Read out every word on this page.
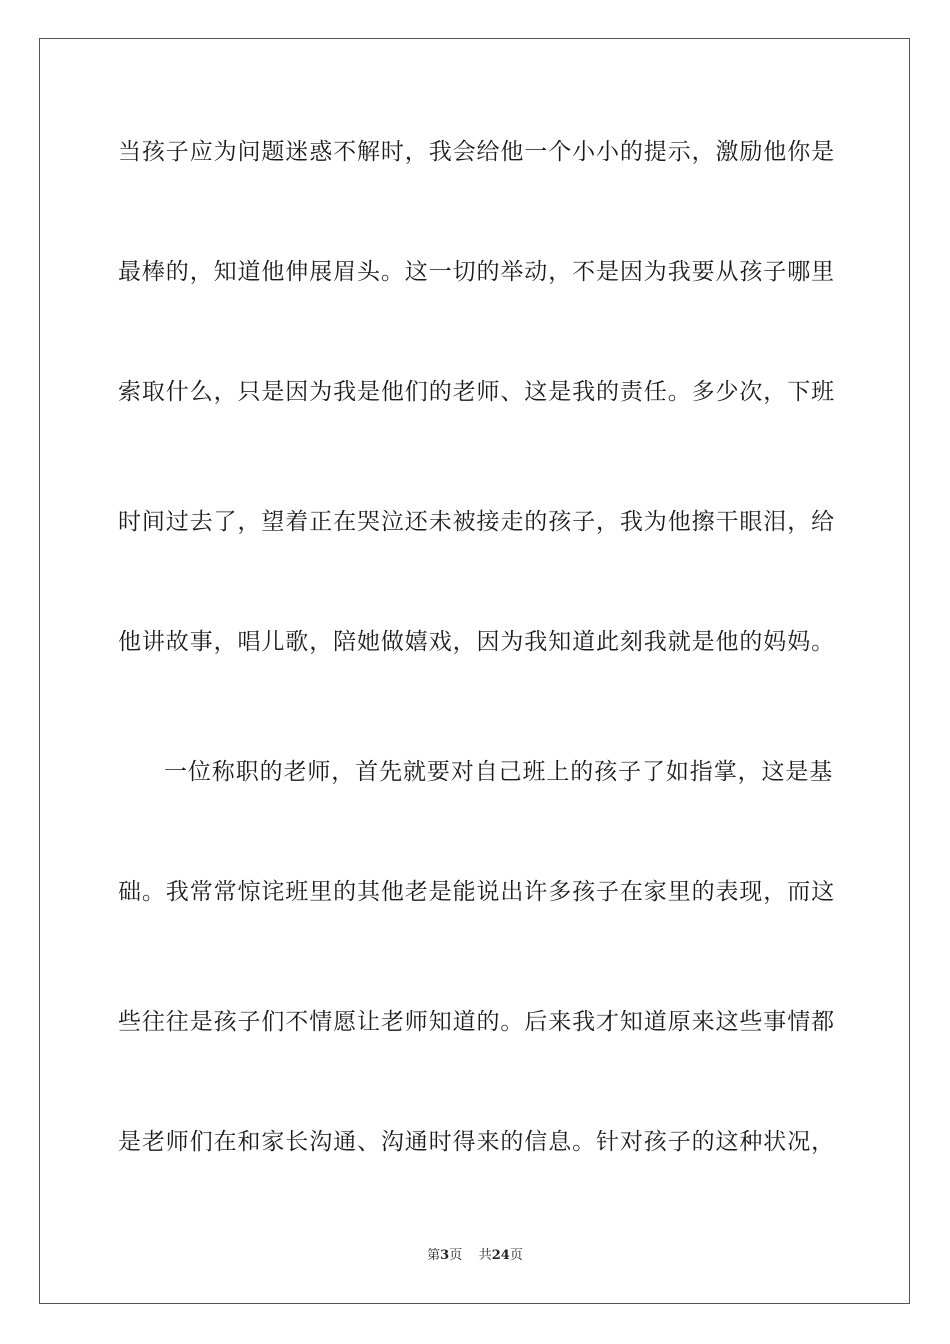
当孩子应为问题迷惑不解时，我会给他一个小小的提示，激励他你是
最棒的，知道他伸展眉头。这一切的举动，不是因为我要从孩子哪里
索取什么，只是因为我是他们的老师、这是我的责任。多少次，下班
时间过去了，望着正在哭泣还未被接走的孩子，我为他擦干眼泪，给
他讲故事，唱儿歌，陪她做嬉戏，因为我知道此刻我就是他的妈妈。
一位称职的老师，首先就要对自己班上的孩子了如指掌，这是基
础。我常常惊诧班里的其他老是能说出许多孩子在家里的表现，而这
些往往是孩子们不情愿让老师知道的。后来我才知道原来这些事情都
是老师们在和家长沟通、沟通时得来的信息。针对孩子的这种状况，
第3页 共24页
